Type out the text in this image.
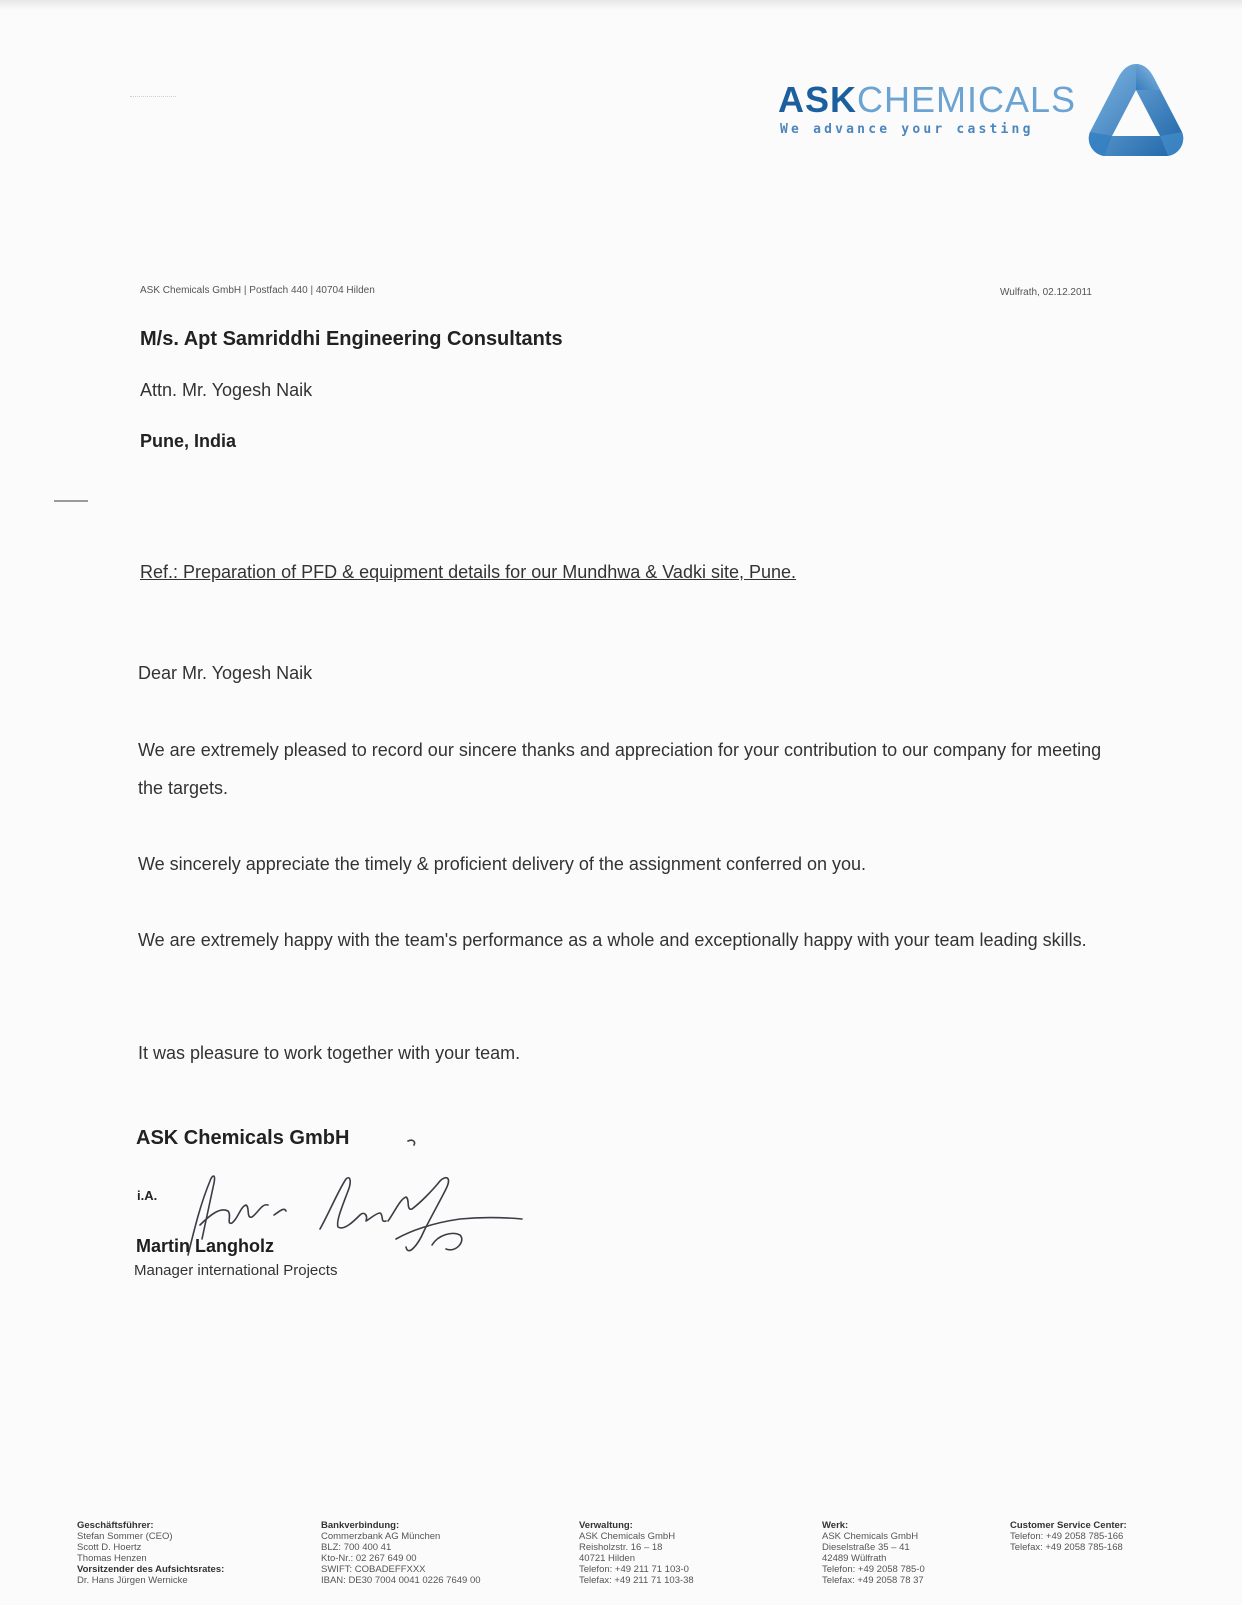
ASKCHEMICALS
We advance your casting
ASK Chemicals GmbH | Postfach 440 | 40704 Hilden	Wulfrath, 02.12.2011
M/s. Apt Samriddhi Engineering Consultants
Attn. Mr. Yogesh Naik
Pune, India
Ref.: Preparation of PFD & equipment details for our Mundhwa & Vadki site, Pune.
Dear Mr. Yogesh Naik
We are extremely pleased to record our sincere thanks and appreciation for your contribution to our company for meeting the targets.
We sincerely appreciate the timely & proficient delivery of the assignment conferred on you.
We are extremely happy with the team's performance as a whole and exceptionally happy with your team leading skills.
It was pleasure to work together with your team.
ASK Chemicals GmbH
i.A.
Martin Langholz
Manager international Projects
Geschäftsführer:
Stefan Sommer (CEO)
Scott D. Hoertz
Thomas Henzen
Vorsitzender des Aufsichtsrates:
Dr. Hans Jürgen Wernicke
Bankverbindung:
Commerzbank AG München
BLZ: 700 400 41
Kto-Nr.: 02 267 649 00
SWIFT: COBADEFFXXX
IBAN: DE30 7004 0041 0226 7649 00
Verwaltung:
ASK Chemicals GmbH
Reisholzstr. 16 – 18
40721 Hilden
Telefon: +49 211 71 103-0
Telefax: +49 211 71 103-38
Werk:
ASK Chemicals GmbH
Dieselstraße 35 – 41
42489 Wülfrath
Telefon: +49 2058 785-0
Telefax: +49 2058 78 37
Customer Service Center:
Telefon: +49 2058 785-166
Telefax: +49 2058 785-168
